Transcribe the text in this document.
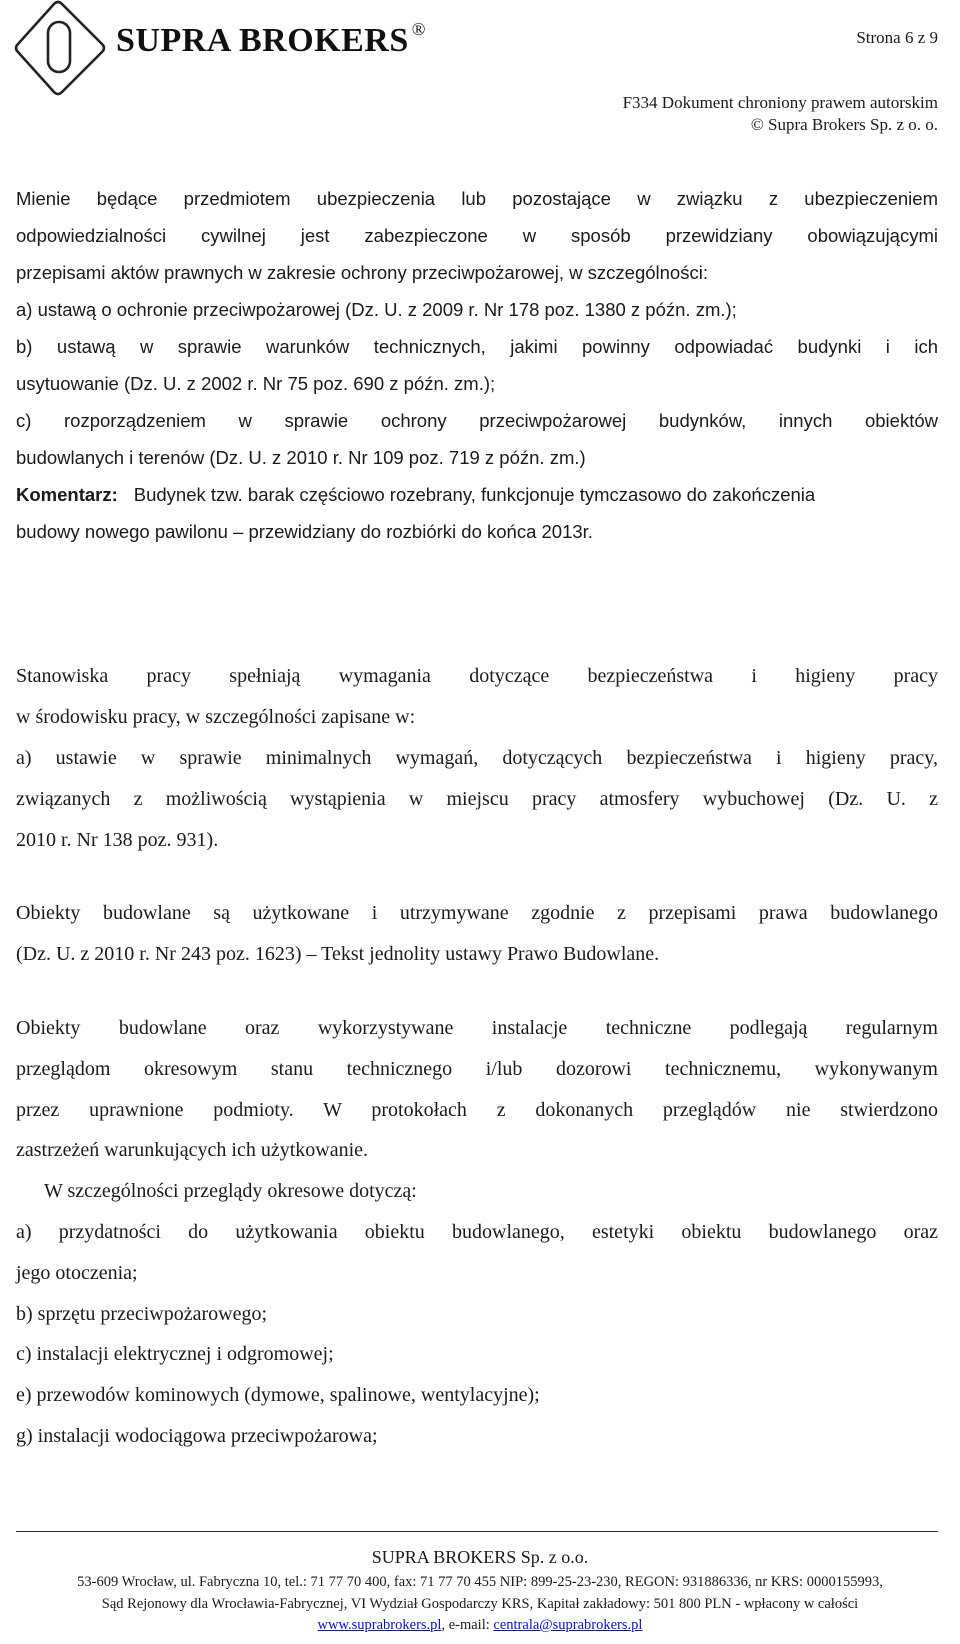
SUPRA BROKERS ®	Strona 6 z 9
F334 Dokument chroniony prawem autorskim
© Supra Brokers Sp. z o. o.
Mienie będące przedmiotem ubezpieczenia lub pozostające w związku z ubezpieczeniem
odpowiedzialności cywilnej jest zabezpieczone w sposób przewidziany obowiązującymi
przepisami aktów prawnych w zakresie ochrony przeciwpożarowej, w szczególności:
a) ustawą o ochronie przeciwpożarowej (Dz. U. z 2009 r. Nr 178 poz. 1380 z późn. zm.);
b) ustawą w sprawie warunków technicznych, jakimi powinny odpowiadać budynki i ich
usytuowanie (Dz. U. z 2002 r. Nr 75 poz. 690 z późn. zm.);
c) rozporządzeniem w sprawie ochrony przeciwpożarowej budynków, innych obiektów
budowlanych i terenów (Dz. U. z 2010 r. Nr 109 poz. 719 z późn. zm.)
Komentarz: Budynek tzw. barak częściowo rozebrany, funkcjonuje tymczasowo do zakończenia
budowy nowego pawilonu – przewidziany do rozbiórki do końca 2013r.
Stanowiska pracy spełniają wymagania dotyczące bezpieczeństwa i higieny pracy
w środowisku pracy, w szczególności zapisane w:
a) ustawie w sprawie minimalnych wymagań, dotyczących bezpieczeństwa i higieny pracy,
związanych z możliwością wystąpienia w miejscu pracy atmosfery wybuchowej (Dz. U. z
2010 r. Nr 138 poz. 931).
Obiekty budowlane są użytkowane i utrzymywane zgodnie z przepisami prawa budowlanego
(Dz. U. z 2010 r. Nr 243 poz. 1623) – Tekst jednolity ustawy Prawo Budowlane.
Obiekty budowlane oraz wykorzystywane instalacje techniczne podlegają regularnym
przeglądom okresowym stanu technicznego i/lub dozorowi technicznemu, wykonywanym
przez uprawnione podmioty. W protokołach z dokonanych przeglądów nie stwierdzono
zastrzeżeń warunkujących ich użytkowanie.
W szczególności przeglądy okresowe dotyczą:
a) przydatności do użytkowania obiektu budowlanego, estetyki obiektu budowlanego oraz
jego otoczenia;
b) sprzętu przeciwpożarowego;
c) instalacji elektrycznej i odgromowej;
e) przewodów kominowych (dymowe, spalinowe, wentylacyjne);
g) instalacji wodociągowa przeciwpożarowa;
SUPRA BROKERS Sp. z o.o.
53-609 Wrocław, ul. Fabryczna 10, tel.: 71 77 70 400, fax: 71 77 70 455 NIP: 899-25-23-230, REGON: 931886336, nr KRS: 0000155993,
Sąd Rejonowy dla Wrocławia-Fabrycznej, VI Wydział Gospodarczy KRS, Kapitał zakładowy: 501 800 PLN - wpłacony w całości
www.suprabrokers.pl, e-mail: centrala@suprabrokers.pl
